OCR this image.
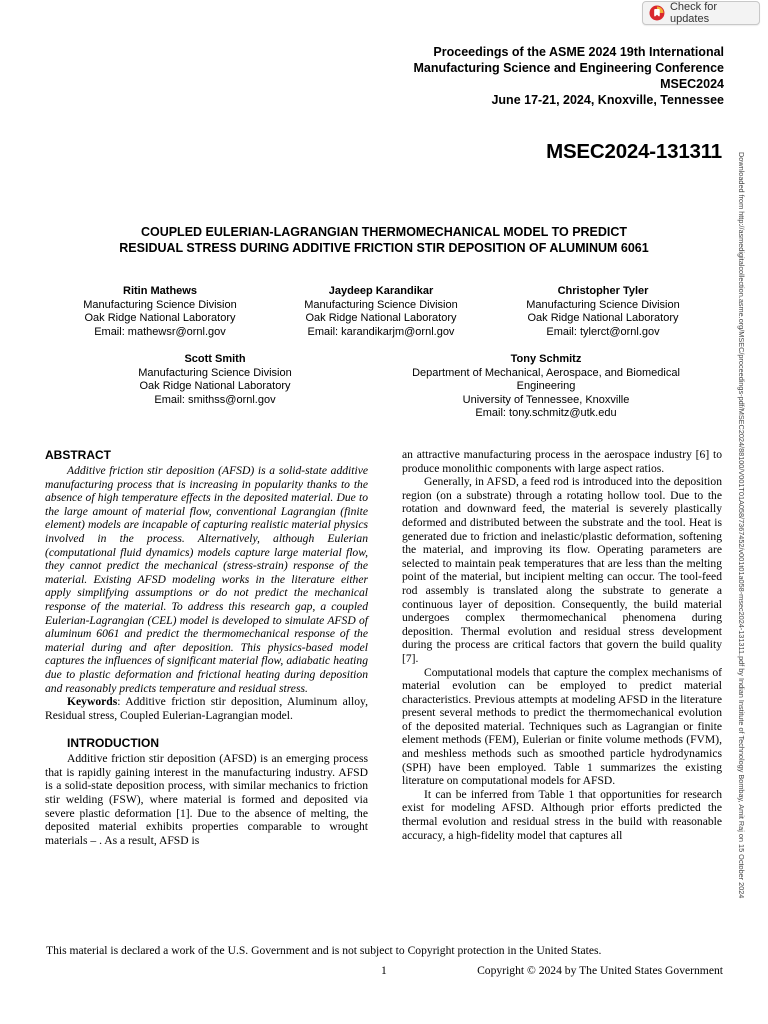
Check for updates
Proceedings of the ASME 2024 19th International
Manufacturing Science and Engineering Conference
MSEC2024
June 17-21, 2024, Knoxville, Tennessee
MSEC2024-131311
COUPLED EULERIAN-LAGRANGIAN THERMOMECHANICAL MODEL TO PREDICT
RESIDUAL STRESS DURING ADDITIVE FRICTION STIR DEPOSITION OF ALUMINUM 6061
Ritin Mathews
Manufacturing Science Division
Oak Ridge National Laboratory
Email: mathewsr@ornl.gov
Jaydeep Karandikar
Manufacturing Science Division
Oak Ridge National Laboratory
Email: karandikarjm@ornl.gov
Christopher Tyler
Manufacturing Science Division
Oak Ridge National Laboratory
Email: tylerct@ornl.gov
Scott Smith
Manufacturing Science Division
Oak Ridge National Laboratory
Email: smithss@ornl.gov
Tony Schmitz
Department of Mechanical, Aerospace, and Biomedical
Engineering
University of Tennessee, Knoxville
Email: tony.schmitz@utk.edu
ABSTRACT

Additive friction stir deposition (AFSD) is a solid-state additive manufacturing process that is increasing in popularity thanks to the absence of high temperature effects in the deposited material. Due to the large amount of material flow, conventional Lagrangian (finite element) models are incapable of capturing realistic material physics involved in the process. Alternatively, although Eulerian (computational fluid dynamics) models capture large material flow, they cannot predict the mechanical (stress-strain) response of the material. Existing AFSD modeling works in the literature either apply simplifying assumptions or do not predict the mechanical response of the material. To address this research gap, a coupled Eulerian-Lagrangian (CEL) model is developed to simulate AFSD of aluminum 6061 and predict the thermomechanical response of the material during and after deposition. This physics-based model captures the influences of significant material flow, adiabatic heating due to plastic deformation and frictional heating during deposition and reasonably predicts temperature and residual stress.

Keywords: Additive friction stir deposition, Aluminum alloy, Residual stress, Coupled Eulerian-Lagrangian model.

INTRODUCTION

Additive friction stir deposition (AFSD) is an emerging process that is rapidly gaining interest in the manufacturing industry. AFSD is a solid-state deposition process, with similar mechanics to friction stir welding (FSW), where material is formed and deposited via severe plastic deformation [1]. Due to the absence of melting, the deposited material exhibits properties comparable to wrought materials – . As a result, AFSD is

an attractive manufacturing process in the aerospace industry [6] to produce monolithic components with large aspect ratios.

Generally, in AFSD, a feed rod is introduced into the deposition region (on a substrate) through a rotating hollow tool. Due to the rotation and downward feed, the material is severely plastically deformed and distributed between the substrate and the tool. Heat is generated due to friction and inelastic/plastic deformation, softening the material, and improving its flow. Operating parameters are selected to maintain peak temperatures that are less than the melting point of the material, but incipient melting can occur. The tool-feed rod assembly is translated along the substrate to generate a continuous layer of deposition. Consequently, the build material undergoes complex thermomechanical phenomena during deposition. Thermal evolution and residual stress development during the process are critical factors that govern the build quality [7].

Computational models that capture the complex mechanisms of material evolution can be employed to predict material characteristics. Previous attempts at modeling AFSD in the literature present several methods to predict the thermomechanical evolution of the deposited material. Techniques such as Lagrangian or finite element methods (FEM), Eulerian or finite volume methods (FVM), and meshless methods such as smoothed particle hydrodynamics (SPH) have been employed. Table 1 summarizes the existing literature on computational models for AFSD.

It can be inferred from Table 1 that opportunities for research exist for modeling AFSD. Although prior efforts predicted the thermal evolution and residual stress in the build with reasonable accuracy, a high-fidelity model that captures all	Downloaded from http://asmedigitalcollection.asme.org/MSEC/proceedings-pdf/MSEC2024/88100/V001T01A058/7367452/v001t01a058-msec2024-131311.pdf by Indian Institute of Technology Bombay, Amit Raj on 15 October 2024
This material is declared a work of the U.S. Government and is not subject to Copyright protection in the United States.
1	Copyright © 2024 by The United States Government
